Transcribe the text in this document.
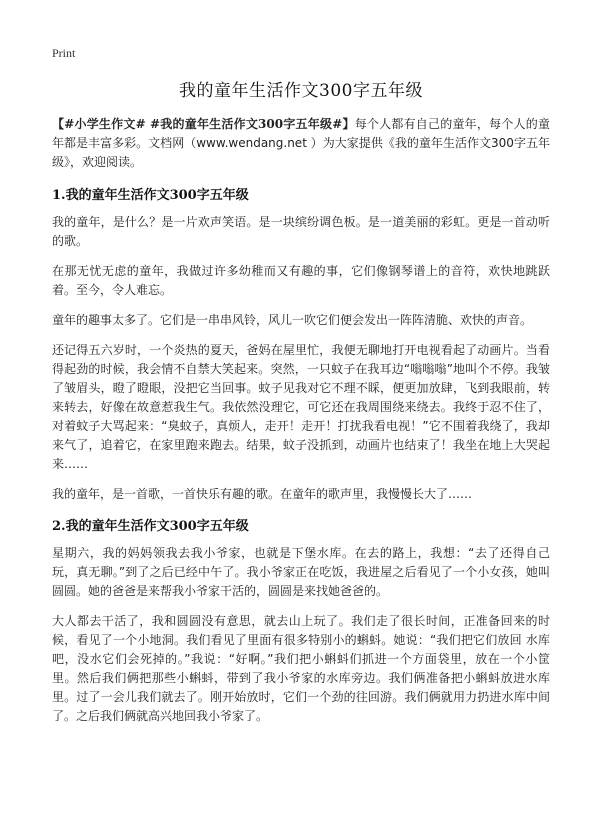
Print
我的童年生活作文300字五年级

【#小学生作文# #我的童年生活作文300字五年级#】每个人都有自己的童年，每个人的童年都是丰富多彩。文档网（www.wendang.net ）为大家提供《我的童年生活作文300字五年级》，欢迎阅读。

1.我的童年生活作文300字五年级

我的童年，是什么？是一片欢声笑语。是一块缤纷调色板。是一道美丽的彩虹。更是一首动听的歌。

在那无忧无虑的童年，我做过许多幼稚而又有趣的事，它们像钢琴谱上的音符，欢快地跳跃着。至今，令人难忘。

童年的趣事太多了。它们是一串串风铃，风儿一吹它们便会发出一阵阵清脆、欢快的声音。

还记得五六岁时，一个炎热的夏天，爸妈在屋里忙，我便无聊地打开电视看起了动画片。当看得起劲的时候，我会情不自禁大笑起来。突然，一只蚊子在我耳边“嗡嗡嗡”地叫个不停。我皱了皱眉头，瞪了瞪眼，没把它当回事。蚊子见我对它不理不睬，便更加放肆，飞到我眼前，转来转去，好像在故意惹我生气。我依然没理它，可它还在我周围绕来绕去。我终于忍不住了，对着蚊子大骂起来：“臭蚊子，真烦人，走开！走开！打扰我看电视！”它不围着我绕了，我却来气了，追着它，在家里跑来跑去。结果，蚊子没抓到，动画片也结束了！我坐在地上大哭起来……

我的童年，是一首歌，一首快乐有趣的歌。在童年的歌声里，我慢慢长大了……

2.我的童年生活作文300字五年级

星期六，我的妈妈领我去我小爷家，也就是下堡水库。在去的路上，我想：“去了还得自己玩，真无聊。”到了之后已经中午了。我小爷家正在吃饭，我进屋之后看见了一个小女孩，她叫圆圆。她的爸爸是来帮我小爷家干活的，圆圆是来找她爸爸的。

大人都去干活了，我和圆圆没有意思，就去山上玩了。我们走了很长时间，正准备回来的时候，看见了一个小地洞。我们看见了里面有很多特别小的蝌蚪。她说：“我们把它们放回 水库吧，没水它们会死掉的。”我说：“好啊。”我们把小蝌蚪们抓进一个方面袋里，放在一个小筐里。然后我们俩把那些小蝌蚪，带到了我小爷家的水库旁边。我们俩准备把小蝌蚪放进水库里。过了一会儿我们就去了。刚开始放时，它们一个劲的往回游。我们俩就用力扔进水库中间了。之后我们俩就高兴地回我小爷家了。
